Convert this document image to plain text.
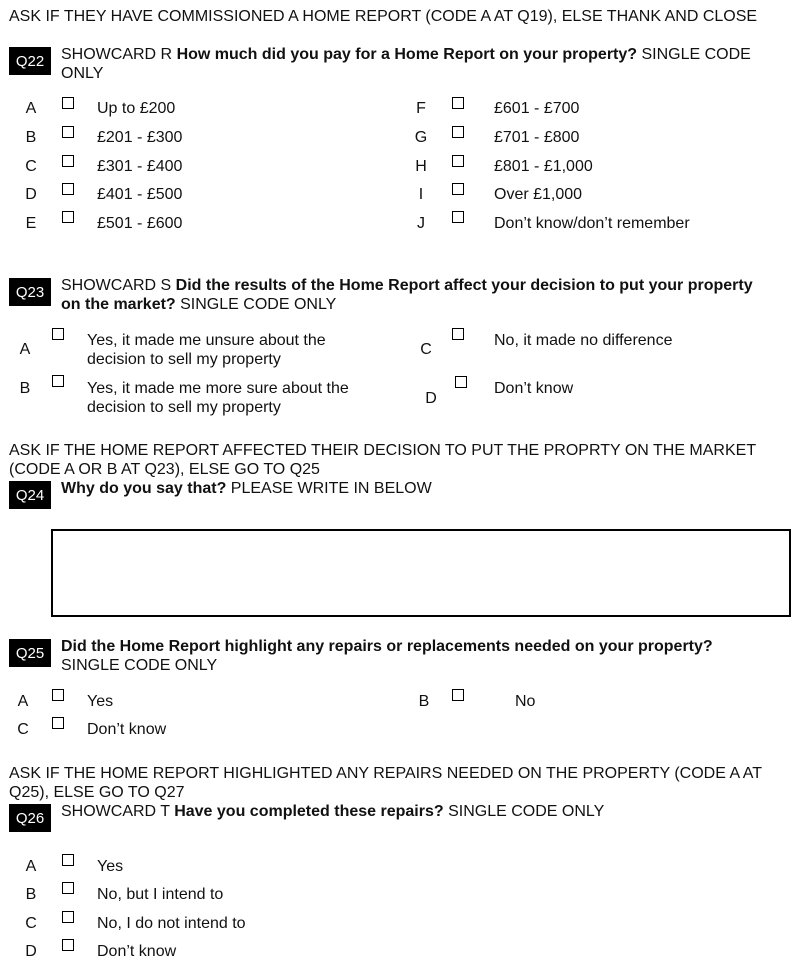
ASK IF THEY HAVE COMMISSIONED A HOME REPORT (CODE A AT Q19), ELSE THANK AND CLOSE
Q22	SHOWCARD R How much did you pay for a Home Report on your property? SINGLE CODE ONLY
A	Up to £200
B	£201 - £300
C	£301 - £400
D	£401 - £500
E	£501 - £600
F	£601 - £700
G	£701 - £800
H	£801 - £1,000
I	Over £1,000
J	Don’t know/don’t remember
Q23	SHOWCARD S Did the results of the Home Report affect your decision to put your property on the market? SINGLE CODE ONLY
A
Yes, it made me unsure about the decision to sell my property
B	Yes, it made me more sure about the decision to sell my property
C
No, it made no difference
D
Don’t know
ASK IF THE HOME REPORT AFFECTED THEIR DECISION TO PUT THE PROPRTY ON THE MARKET (CODE A OR B AT Q23), ELSE GO TO Q25
Q24	Why do you say that? PLEASE WRITE IN BELOW
Q25	Did the Home Report highlight any repairs or replacements needed on your property? SINGLE CODE ONLY
A	Yes	B	No
C	Don’t know
ASK IF THE HOME REPORT HIGHLIGHTED ANY REPAIRS NEEDED ON THE PROPERTY (CODE A AT Q25), ELSE GO TO Q27
Q26	SHOWCARD T Have you completed these repairs? SINGLE CODE ONLY
A	Yes
B	No, but I intend to
C	No, I do not intend to
D	Don’t know
